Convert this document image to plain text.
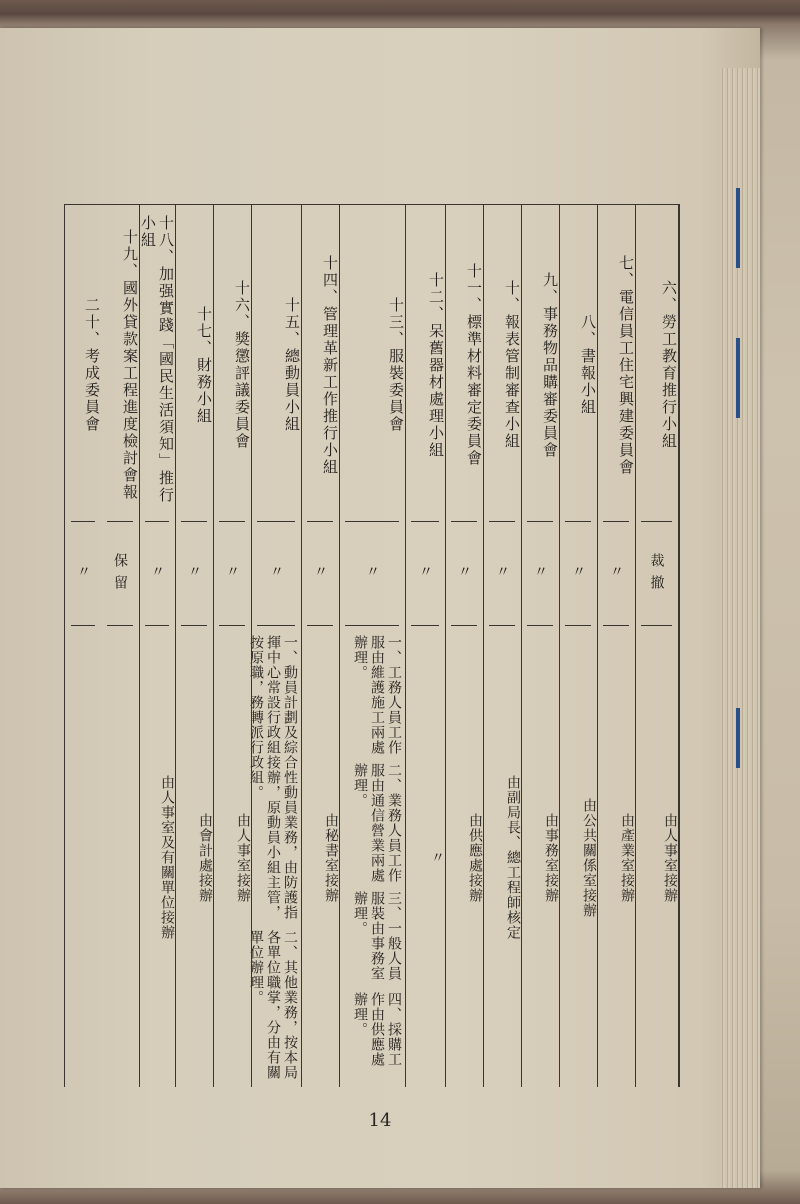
六、勞工教育推行小組
裁撤
由人事室接辦
七、電信員工住宅興建委員會
〃
由產業室接辦
八、書報小組
〃
由公共關係室接辦
九、事務物品購審委員會
〃
由事務室接辦
十、報表管制審查小組
〃
由副局長、總工程師核定
十一、標準材料審定委員會
〃
由供應處接辦
十二、呆舊器材處理小組
〃
〃
十三、服裝委員會
〃
一、工務人員工作服由維護施工兩處辦理。
二、業務人員工作服由通信營業兩處辦理。
三、一般人員服裝由事務室辦理。
四、採購工作由供應處辦理。
十四、管理革新工作推行小組
〃
由秘書室接辦
十五、總動員小組
〃
一、動員計劃及綜合性動員業務，由防護指揮中心常設行政組接辦，原動員小組主管，按原職，務轉派行政組。
二、其他業務，按本局各單位職掌，分由有關單位辦理。
十六、獎懲評議委員會
〃
由人事室接辦
十七、財務小組
〃
由會計處接辦
十八、加强實踐「國民生活須知」推行小組
〃
由人事室及有關單位接辦
十九、國外貸款案工程進度檢討會報
保留
二十、考成委員會
〃
14
